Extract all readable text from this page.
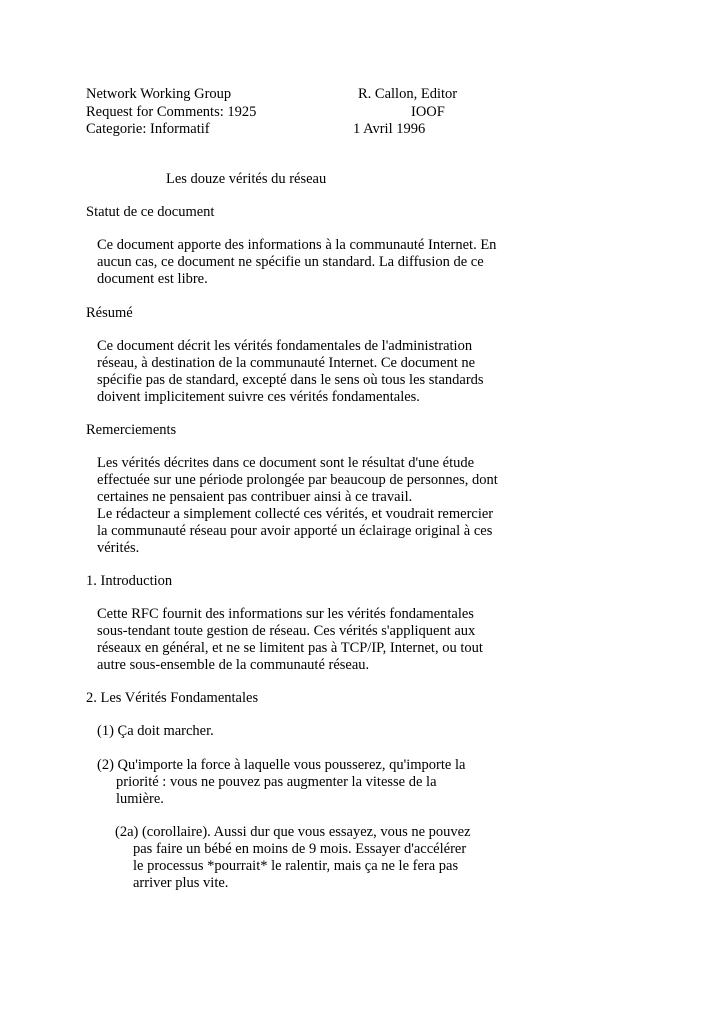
Network Working Group
Request for Comments: 1925
Categorie: Informatif
R. Callon, Editor
IOOF
1 Avril 1996
Les douze vérités du réseau
Statut de ce document
Ce document apporte des informations à la communauté Internet. En
aucun cas, ce document ne spécifie un standard. La diffusion de ce
document est libre.
Résumé
Ce document décrit les vérités fondamentales de l'administration
réseau, à destination de la communauté Internet. Ce document ne
spécifie pas de standard, excepté dans le sens où tous les standards
doivent implicitement suivre ces vérités fondamentales.
Remerciements
Les vérités décrites dans ce document sont le résultat d'une étude
effectuée sur une période prolongée par beaucoup de personnes, dont
certaines ne pensaient pas contribuer ainsi à ce travail.
Le rédacteur a simplement collecté ces vérités, et voudrait remercier
la communauté réseau pour avoir apporté un éclairage original à ces
vérités.
1. Introduction
Cette RFC fournit des informations sur les vérités fondamentales
sous-tendant toute gestion de réseau. Ces vérités s'appliquent aux
réseaux en général, et ne se limitent pas à TCP/IP, Internet, ou tout
autre sous-ensemble de la communauté réseau.
2. Les Vérités Fondamentales
(1) Ça doit marcher.
(2) Qu'importe la force à laquelle vous pousserez, qu'importe la
priorité : vous ne pouvez pas augmenter la vitesse de la
lumière.
(2a) (corollaire). Aussi dur que vous essayez, vous ne pouvez
pas faire un bébé en moins de 9 mois. Essayer d'accélérer
le processus *pourrait* le ralentir, mais ça ne le fera pas
arriver plus vite.
